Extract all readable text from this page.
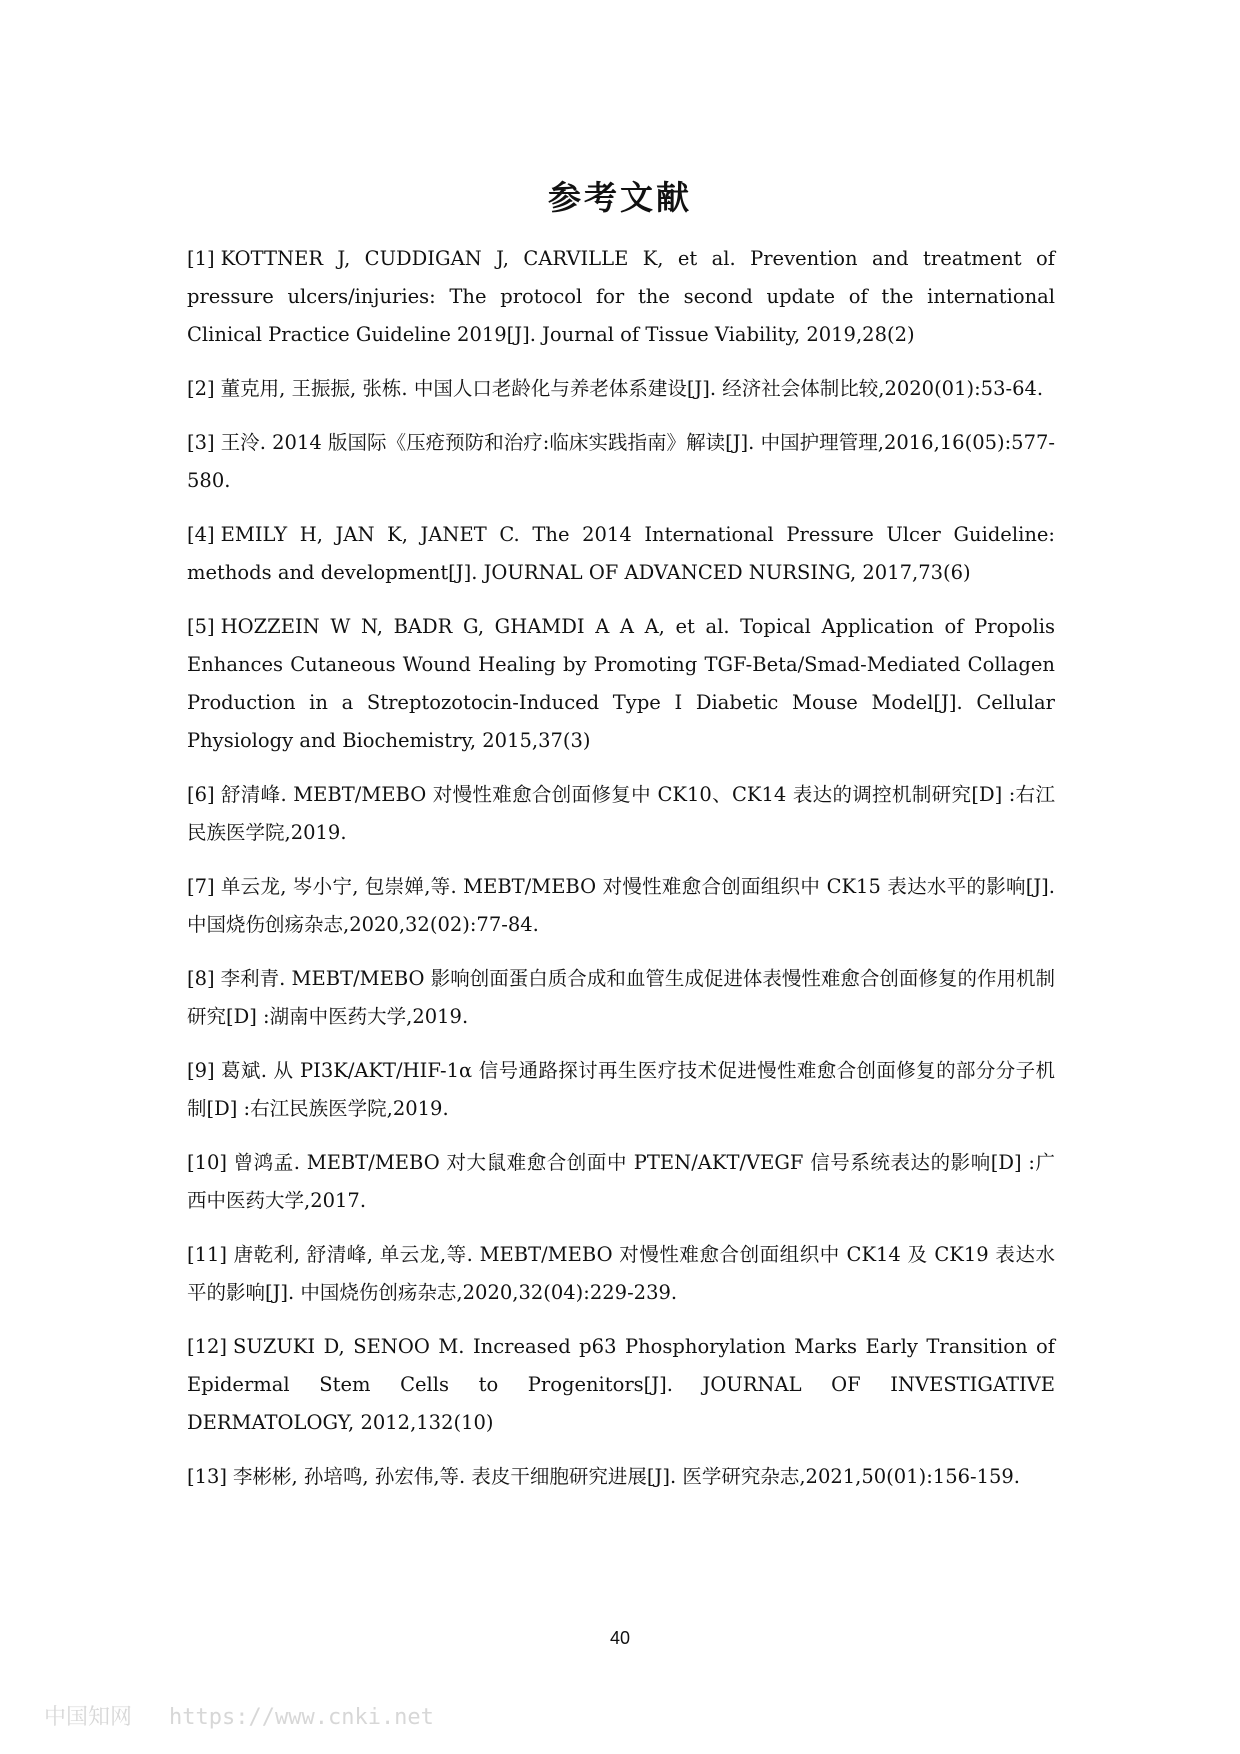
参考文献
[1] KOTTNER J, CUDDIGAN J, CARVILLE K, et al. Prevention and treatment of pressure ulcers/injuries: The protocol for the second update of the international Clinical Practice Guideline 2019[J]. Journal of Tissue Viability, 2019,28(2)
[2] 董克用, 王振振, 张栋. 中国人口老龄化与养老体系建设[J]. 经济社会体制比较,2020(01):53-64.
[3] 王泠. 2014 版国际《压疮预防和治疗:临床实践指南》解读[J]. 中国护理管理,2016,16(05):577-580.
[4] EMILY H, JAN K, JANET C. The 2014 International Pressure Ulcer Guideline: methods and development[J]. JOURNAL OF ADVANCED NURSING, 2017,73(6)
[5] HOZZEIN W N, BADR G, GHAMDI A A A, et al. Topical Application of Propolis Enhances Cutaneous Wound Healing by Promoting TGF-Beta/Smad-Mediated Collagen Production in a Streptozotocin-Induced Type I Diabetic Mouse Model[J]. Cellular Physiology and Biochemistry, 2015,37(3)
[6] 舒清峰. MEBT/MEBO 对慢性难愈合创面修复中 CK10、CK14 表达的调控机制研究[D] :右江民族医学院,2019.
[7] 单云龙, 岑小宁, 包崇婵,等. MEBT/MEBO 对慢性难愈合创面组织中 CK15 表达水平的影响[J]. 中国烧伤创疡杂志,2020,32(02):77-84.
[8] 李利青. MEBT/MEBO 影响创面蛋白质合成和血管生成促进体表慢性难愈合创面修复的作用机制研究[D] :湖南中医药大学,2019.
[9] 葛斌. 从 PI3K/AKT/HIF-1α 信号通路探讨再生医疗技术促进慢性难愈合创面修复的部分分子机制[D] :右江民族医学院,2019.
[10] 曾鸿孟. MEBT/MEBO 对大鼠难愈合创面中 PTEN/AKT/VEGF 信号系统表达的影响[D] :广西中医药大学,2017.
[11] 唐乾利, 舒清峰, 单云龙,等. MEBT/MEBO 对慢性难愈合创面组织中 CK14 及 CK19 表达水平的影响[J]. 中国烧伤创疡杂志,2020,32(04):229-239.
[12] SUZUKI D, SENOO M. Increased p63 Phosphorylation Marks Early Transition of Epidermal Stem Cells to Progenitors[J]. JOURNAL OF INVESTIGATIVE DERMATOLOGY, 2012,132(10)
[13] 李彬彬, 孙培鸣, 孙宏伟,等. 表皮干细胞研究进展[J]. 医学研究杂志,2021,50(01):156-159.
40
中国知网 https://www.cnki.net
